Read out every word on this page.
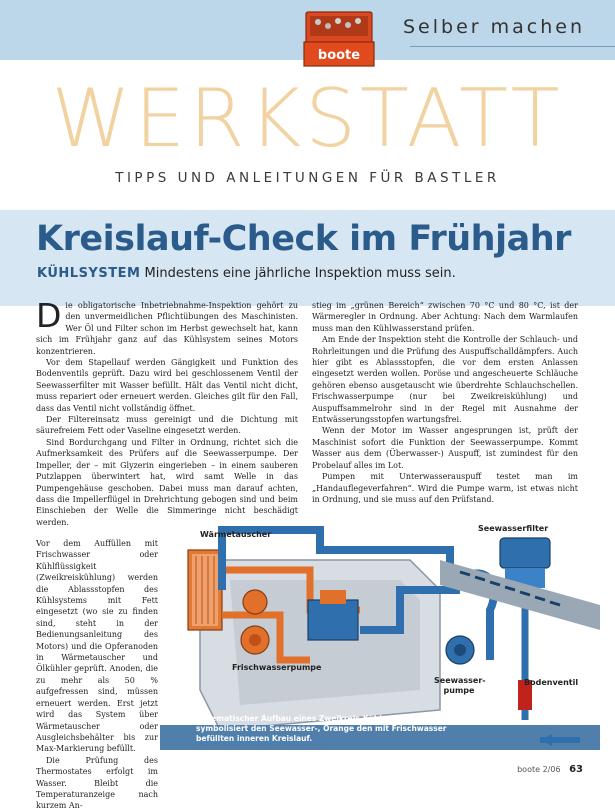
Selber machen
boote
WERKSTATT
TIPPS UND ANLEITUNGEN FÜR BASTLER
Kreislauf-Check im Frühjahr
KÜHLSYSTEM Mindestens eine jährliche Inspektion muss sein.

Die obligatorische Inbetriebnahme-Inspektion gehört zu den unvermeidlichen Pflichtübungen des Maschinisten. Wer Öl und Filter schon im Herbst gewechselt hat, kann sich im Frühjahr ganz auf das Kühlsystem seines Motors konzentrieren.

Vor dem Stapellauf werden Gängigkeit und Funktion des Bodenventils geprüft. Dazu wird bei geschlossenem Ventil der Seewasserfilter mit Wasser befüllt. Hält das Ventil nicht dicht, muss repariert oder erneuert werden. Gleiches gilt für den Fall, dass das Ventil nicht vollständig öffnet.

Der Filtereinsatz muss gereinigt und die Dichtung mit säurefreiem Fett oder Vaseline eingesetzt werden.

Sind Bordurchgang und Filter in Ordnung, richtet sich die Aufmerksamkeit des Prüfers auf die Seewasserpumpe. Der Impeller, der – mit Glyzerin eingerieben – in einem sauberen Putzlappen überwintert hat, wird samt Welle in das Pumpengehäuse geschoben. Dabei muss man darauf achten, dass die Impellerflügel in Drehrichtung gebogen sind und beim Einschieben der Welle die Simmeringe nicht beschädigt werden.

Vor dem Auffüllen mit Frischwasser oder Kühlflüssigkeit (Zweikreiskühlung) werden die Ablassstopfen des Kühlsystems mit Fett eingesetzt (wo sie zu finden sind, steht in der Bedienungsanleitung des Motors) und die Opferanoden in Wärmetauscher und Ölkühler geprüft. Anoden, die zu mehr als 50 % aufgefressen sind, müssen erneuert werden. Erst jetzt wird das System über Wärmetauscher oder Ausgleichsbehälter bis zur Max-Markierung befüllt.

Die Prüfung des Thermostates erfolgt im Wasser. Bleibt die Temperaturanzeige nach kurzem An-

stieg im „grünen Bereich“ zwischen 70 °C und 80 °C, ist der Wärmeregler in Ordnung. Aber Achtung: Nach dem Warmlaufen muss man den Kühlwasserstand prüfen.

Am Ende der Inspektion steht die Kontrolle der Schlauch- und Rohrleitungen und die Prüfung des Auspuffschalldämpfers. Auch hier gibt es Ablassstopfen, die vor dem ersten Anlassen eingesetzt werden wollen. Poröse und angescheuerte Schläuche gehören ebenso ausgetauscht wie überdrehte Schlauchschellen. Frischwasserpumpe (nur bei Zweikreiskühlung) und Auspuffsammelrohr sind in der Regel mit Ausnahme der Entwässerungsstopfen wartungsfrei.

Wenn der Motor im Wasser angesprungen ist, prüft der Maschinist sofort die Funktion der Seewasserpumpe. Kommt Wasser aus dem (Überwasser-) Auspuff, ist zumindest für den Probelauf alles im Lot.

Pumpen mit Unterwasserauspuff testet man im „Handauflegeverfahren“. Wird die Pumpe warm, ist etwas nicht in Ordnung, und sie muss auf den Prüfstand.

Wärmetauscher
Seewasserfilter
Frischwasserpumpe
Seewasser-
pumpe
Bodenventil
Schematischer Aufbau eines Zweikreis-Kühlsystems. Blau symbolisiert den Seewasser-, Orange den mit Frischwasser befüllten inneren Kreislauf.
boote 2/06 63
